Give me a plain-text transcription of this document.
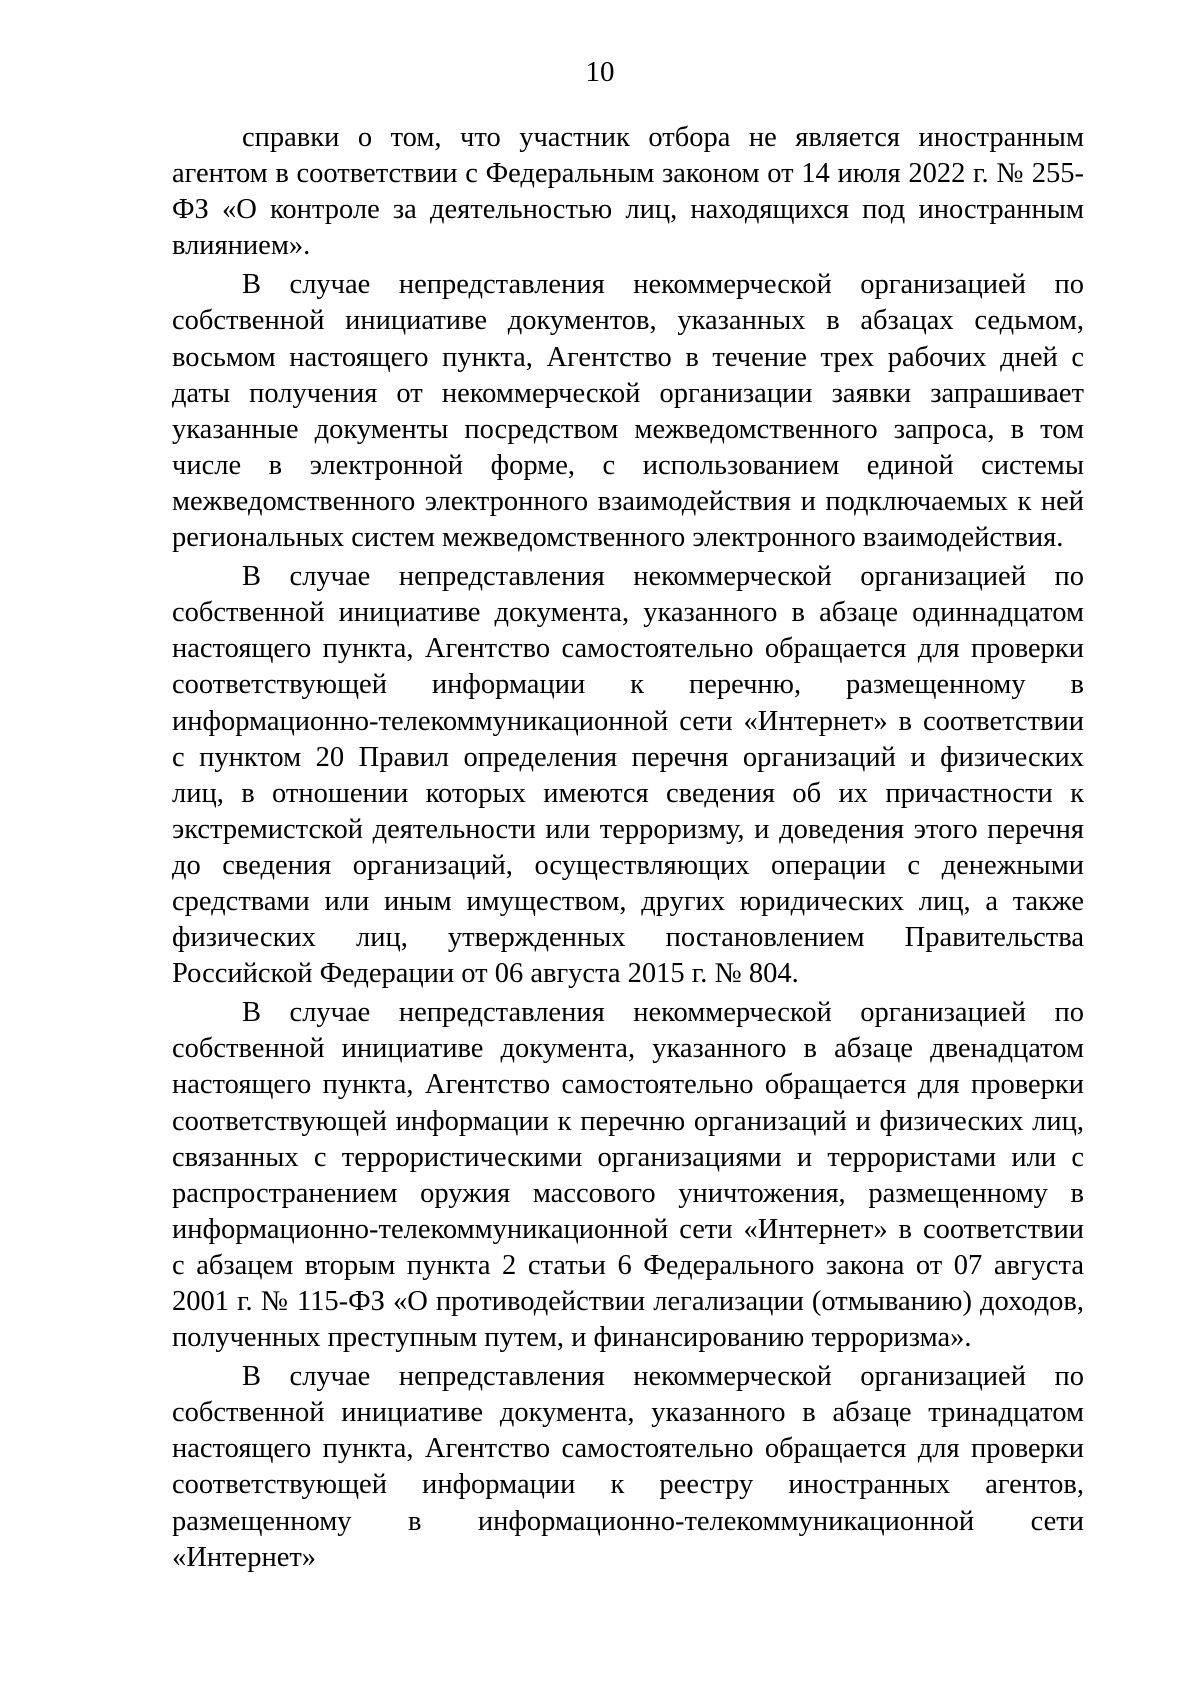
10

справки о том, что участник отбора не является иностранным агентом в соответствии с Федеральным законом от 14 июля 2022 г. № 255-ФЗ «О контроле за деятельностью лиц, находящихся под иностранным влиянием».

В случае непредставления некоммерческой организацией по собственной инициативе документов, указанных в абзацах седьмом, восьмом настоящего пункта, Агентство в течение трех рабочих дней с даты получения от некоммерческой организации заявки запрашивает указанные документы посредством межведомственного запроса, в том числе в электронной форме, с использованием единой системы межведомственного электронного взаимодействия и подключаемых к ней региональных систем межведомственного электронного взаимодействия.

В случае непредставления некоммерческой организацией по собственной инициативе документа, указанного в абзаце одиннадцатом настоящего пункта, Агентство самостоятельно обращается для проверки соответствующей информации к перечню, размещенному в информационно-телекоммуникационной сети «Интернет» в соответствии с пунктом 20 Правил определения перечня организаций и физических лиц, в отношении которых имеются сведения об их причастности к экстремистской деятельности или терроризму, и доведения этого перечня до сведения организаций, осуществляющих операции с денежными средствами или иным имуществом, других юридических лиц, а также физических лиц, утвержденных постановлением Правительства Российской Федерации от 06 августа 2015 г. № 804.

В случае непредставления некоммерческой организацией по собственной инициативе документа, указанного в абзаце двенадцатом настоящего пункта, Агентство самостоятельно обращается для проверки соответствующей информации к перечню организаций и физических лиц, связанных с террористическими организациями и террористами или с распространением оружия массового уничтожения, размещенному в информационно-телекоммуникационной сети «Интернет» в соответствии с абзацем вторым пункта 2 статьи 6 Федерального закона от 07 августа 2001 г. № 115-ФЗ «О противодействии легализации (отмыванию) доходов, полученных преступным путем, и финансированию терроризма».

В случае непредставления некоммерческой организацией по собственной инициативе документа, указанного в абзаце тринадцатом настоящего пункта, Агентство самостоятельно обращается для проверки соответствующей информации к реестру иностранных агентов, размещенному в информационно-телекоммуникационной сети «Интернет»
